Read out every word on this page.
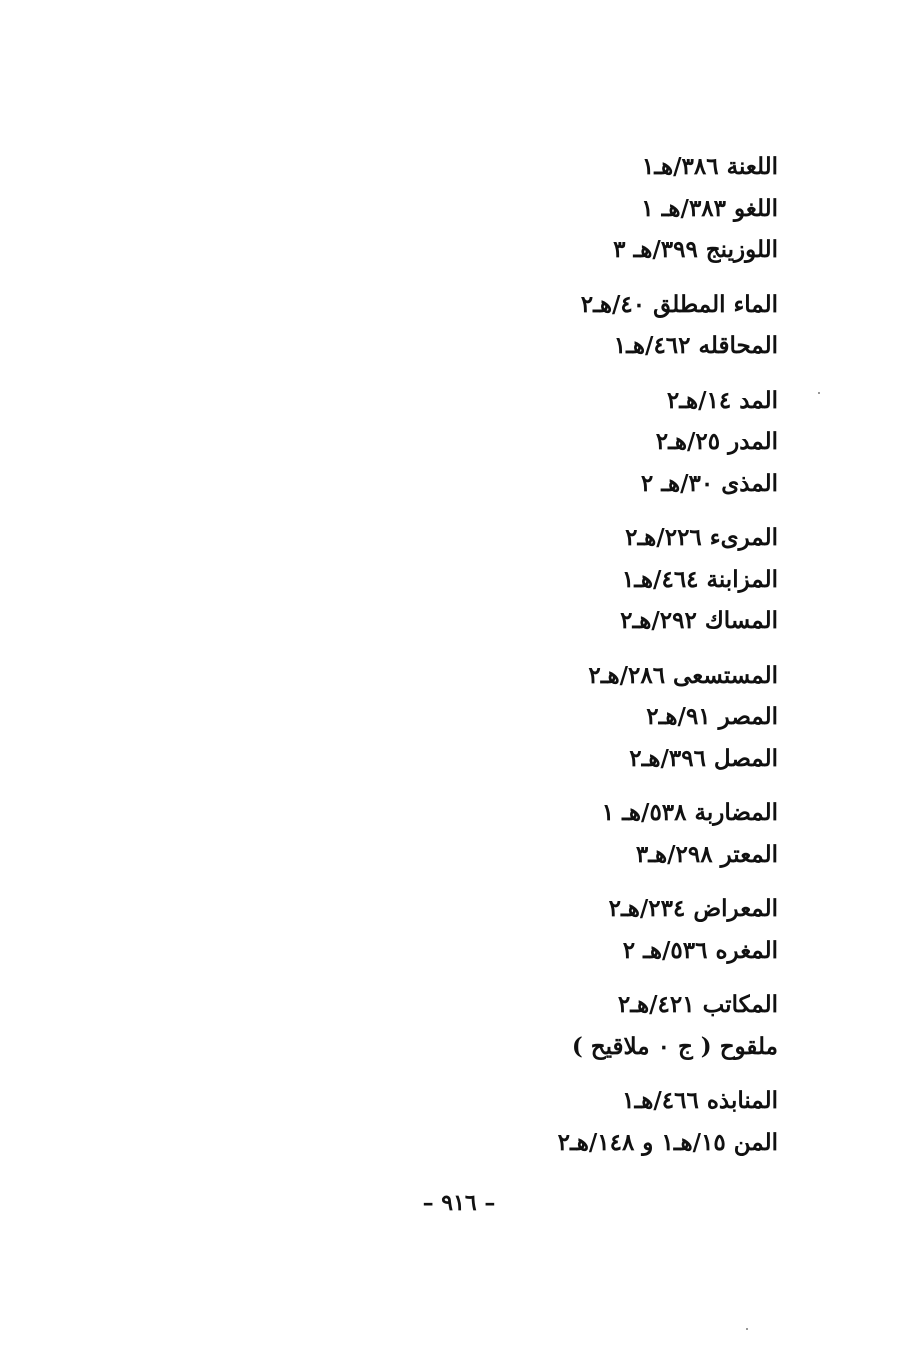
اللعنة ٣٨٦/هـ١
اللغو ٣٨٣/هـ ١
اللوزينج ٣٩٩/هـ ٣
الماء المطلق ٤٠/هـ٢
المحاقله ٤٦٢/هـ١
المد ١٤/هـ٢
المدر ٢٥/هـ٢
المذى ٣٠/هـ ٢
المرىء ٢٢٦/هـ٢
المزابنة ٤٦٤/هـ١
المساك ٢٩٢/هـ٢
المستسعى ٢٨٦/هـ٢
المصر ٩١/هـ٢
المصل ٣٩٦/هـ٢
المضاربة ٥٣٨/هـ ١
المعتر ٢٩٨/هـ٣
المعراض ٢٣٤/هـ٢
المغره ٥٣٦/هـ ٢
المكاتب ٤٢١/هـ٢
ملقوح ( ج ٠ ملاقيح )
المنابذه ٤٦٦/هـ١
المن ١٥/هـ١ و ١٤٨/هـ٢
– ٩١٦ –
